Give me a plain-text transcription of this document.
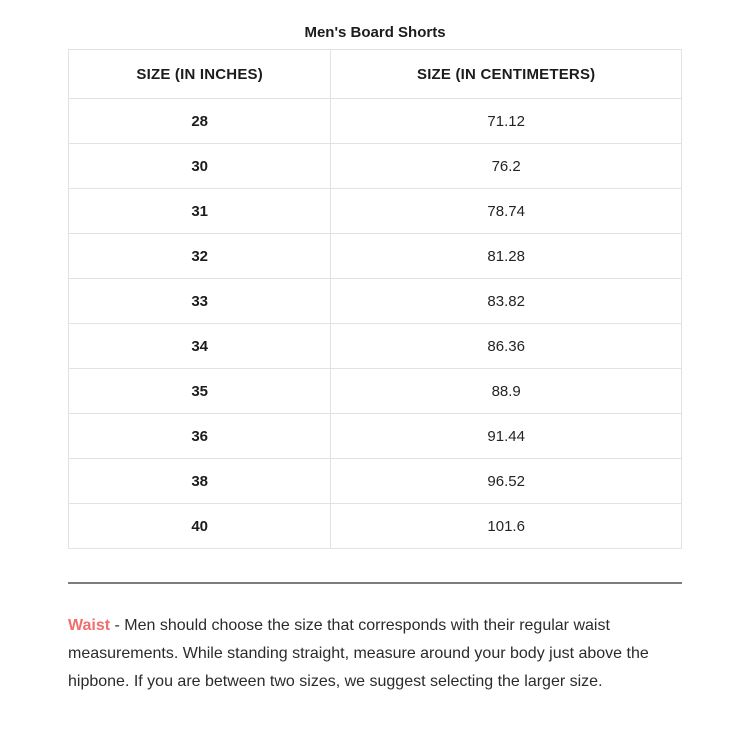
Men's Board Shorts
SIZE (IN INCHES)	SIZE (IN CENTIMETERS)
28	71.12
30	76.2
31	78.74
32	81.28
33	83.82
34	86.36
35	88.9
36	91.44
38	96.52
40	101.6

Waist - Men should choose the size that corresponds with their regular waist measurements. While standing straight, measure around your body just above the hipbone. If you are between two sizes, we suggest selecting the larger size.
